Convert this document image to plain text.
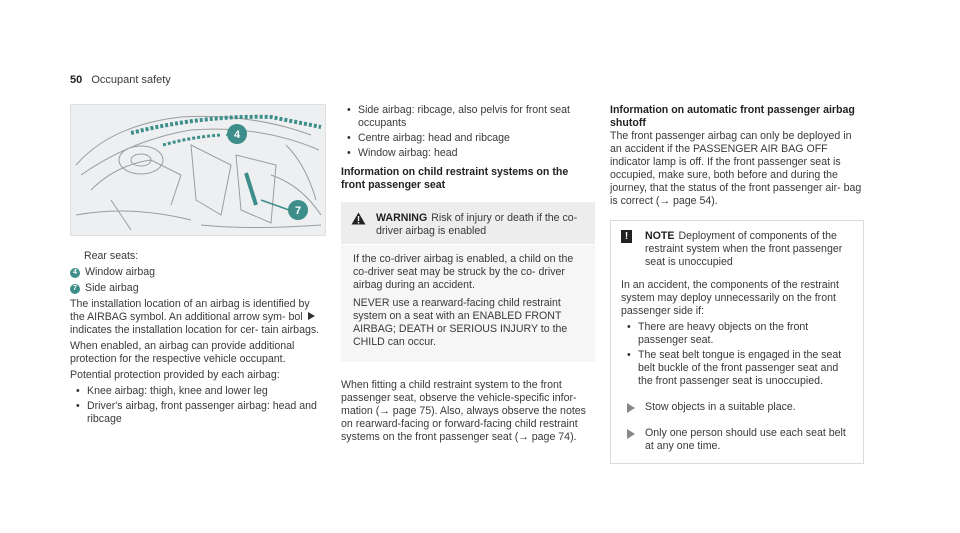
50 Occupant safety
4
7
Rear seats:
4 Window airbag
7 Side airbag

The installation location of an airbag is identified by the AIRBAG symbol. An additional arrow sym- bol  indicates the installation location for cer- tain airbags.

When enabled, an airbag can provide additional protection for the respective vehicle occupant.

Potential protection provided by each airbag:

• Knee airbag: thigh, knee and lower leg
• Driver's airbag, front passenger airbag: head and ribcage
• Side airbag: ribcage, also pelvis for front seat occupants
• Centre airbag: head and ribcage
• Window airbag: head
Information on child restraint systems on the front passenger seat
WARNING Risk of injury or death if the co- driver airbag is enabled

If the co-driver airbag is enabled, a child on the co-driver seat may be struck by the co- driver airbag during an accident.

NEVER use a rearward-facing child restraint system on a seat with an ENABLED FRONT AIRBAG; DEATH or SERIOUS INJURY to the CHILD can occur.

When fitting a child restraint system to the front passenger seat, observe the vehicle-specific infor- mation (→ page 75). Also, always observe the notes on rearward-facing or forward-facing child restraint systems on the front passenger seat (→ page 74).

Information on automatic front passenger airbag shutoff

The front passenger airbag can only be deployed in an accident if the PASSENGER AIR BAG OFF indicator lamp is off. If the front passenger seat is occupied, make sure, both before and during the journey, that the status of the front passenger air- bag is correct (→ page 54).

!	NOTE Deployment of components of the restraint system when the front passenger seat is unoccupied

In an accident, the components of the restraint system may deploy unnecessarily on the front passenger side if:

• There are heavy objects on the front passenger seat.
• The seat belt tongue is engaged in the seat belt buckle of the front passenger seat and the front passenger seat is unoccupied.
Stow objects in a suitable place.
Only one person should use each seat belt at any one time.
